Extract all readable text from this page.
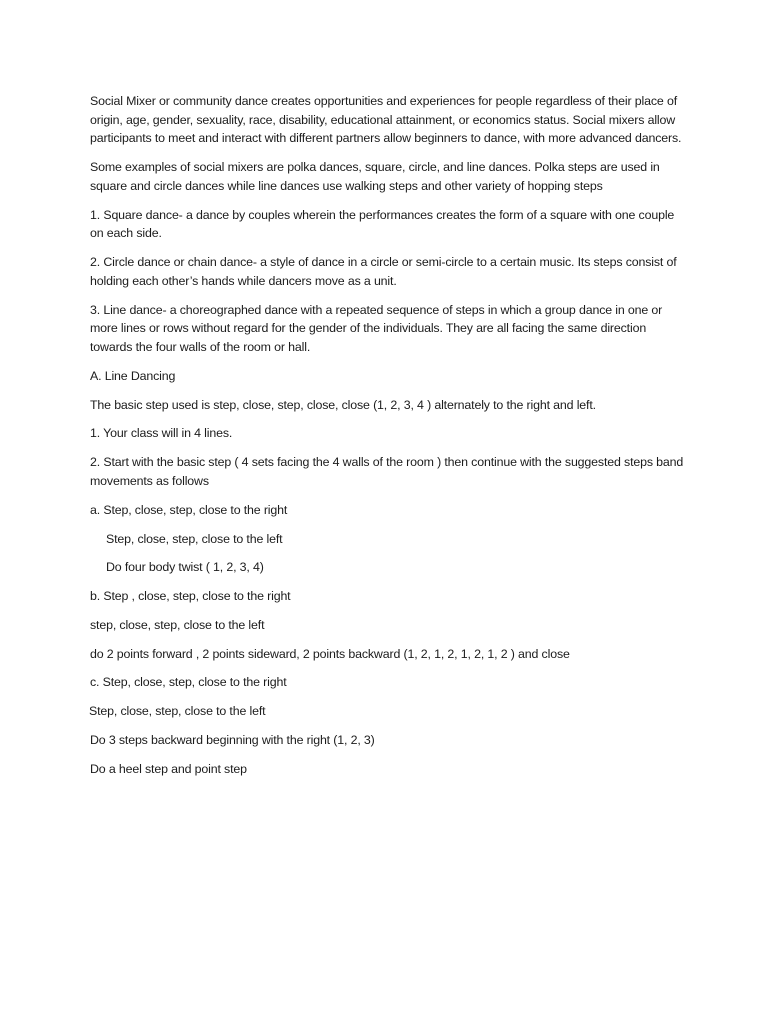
Social Mixer or community dance creates opportunities and experiences for people regardless of their place of origin, age, gender, sexuality, race, disability, educational attainment, or economics status. Social mixers allow participants to meet and interact with different partners allow beginners to dance, with more advanced dancers.

Some examples of social mixers are polka dances, square, circle, and line dances. Polka steps are used in square and circle dances while line dances use walking steps and other variety of hopping steps

1. Square dance- a dance by couples wherein the performances creates the form of a square with one couple on each side.

2. Circle dance or chain dance- a style of dance in a circle or semi-circle to a certain music. Its steps consist of holding each other’s hands while dancers move as a unit.

3. Line dance- a choreographed dance with a repeated sequence of steps in which a group dance in one or more lines or rows without regard for the gender of the individuals. They are all facing the same direction towards the four walls of the room or hall.

A. Line Dancing

The basic step used is step, close, step, close, close (1, 2, 3, 4 ) alternately to the right and left.

1. Your class will in 4 lines.

2. Start with the basic step ( 4 sets facing the 4 walls of the room ) then continue with the suggested steps band movements as follows

a. Step, close, step, close to the right

Step, close, step, close to the left

Do four body twist ( 1, 2, 3, 4)

b. Step , close, step, close to the right

step, close, step, close to the left

do 2 points forward , 2 points sideward, 2 points backward (1, 2, 1, 2, 1, 2, 1, 2 ) and close

c. Step, close, step, close to the right

Step, close, step, close to the left

Do 3 steps backward beginning with the right (1, 2, 3)

Do a heel step and point step
